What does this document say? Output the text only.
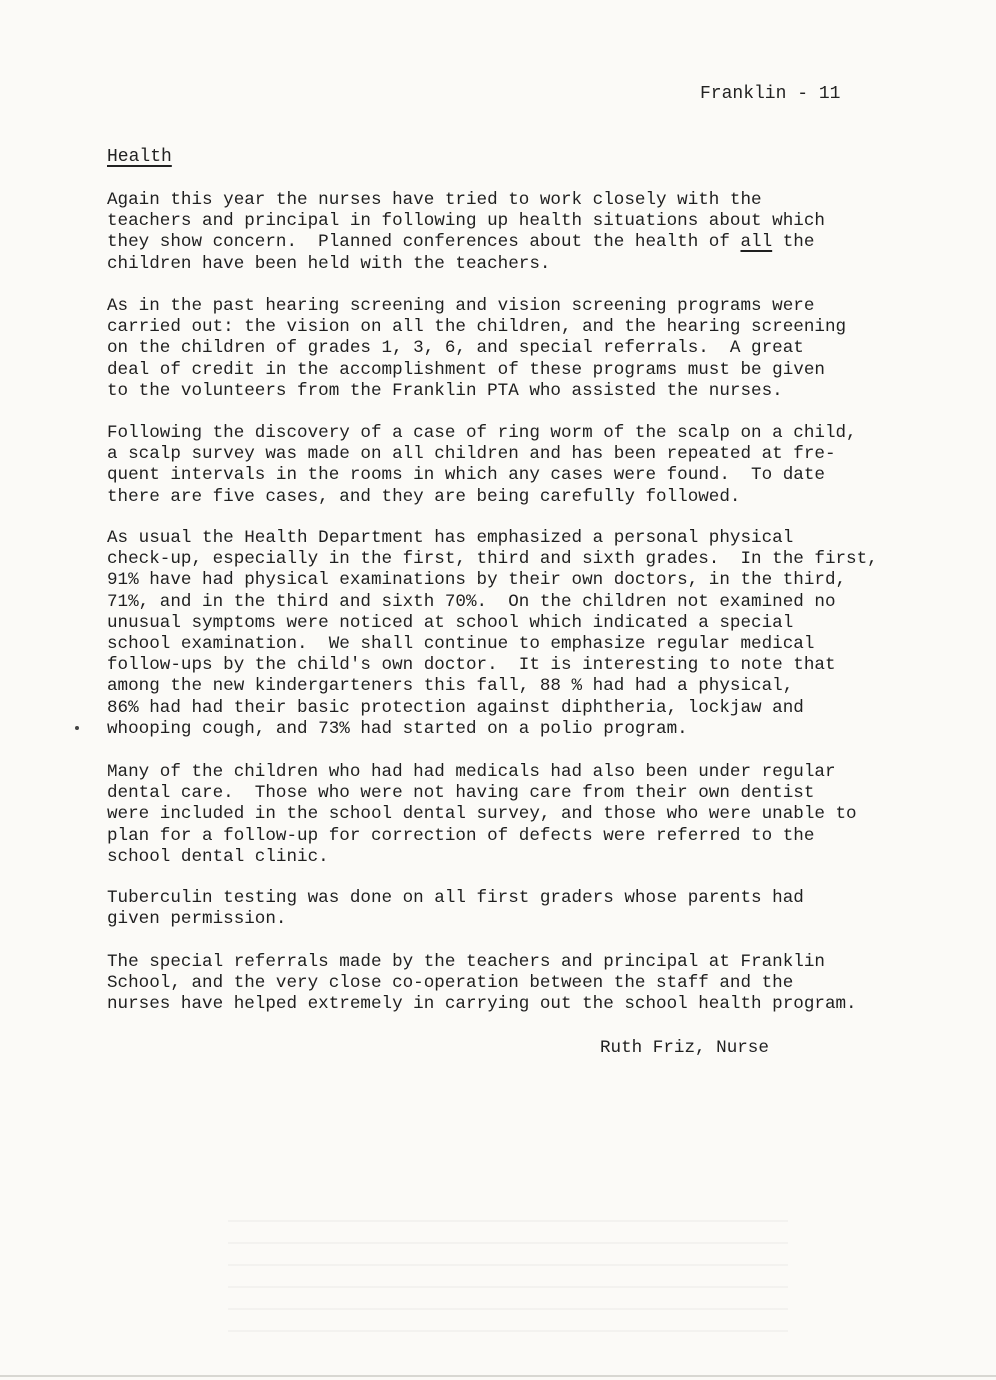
Franklin - 11
Health

Again this year the nurses have tried to work closely with the
teachers and principal in following up health situations about which
they show concern.  Planned conferences about the health of all the
children have been held with the teachers.

As in the past hearing screening and vision screening programs were
carried out: the vision on all the children, and the hearing screening
on the children of grades 1, 3, 6, and special referrals.  A great
deal of credit in the accomplishment of these programs must be given
to the volunteers from the Franklin PTA who assisted the nurses.

Following the discovery of a case of ring worm of the scalp on a child,
a scalp survey was made on all children and has been repeated at fre-
quent intervals in the rooms in which any cases were found.  To date
there are five cases, and they are being carefully followed.

As usual the Health Department has emphasized a personal physical
check-up, especially in the first, third and sixth grades.  In the first,
91% have had physical examinations by their own doctors, in the third,
71%, and in the third and sixth 70%.  On the children not examined no
unusual symptoms were noticed at school which indicated a special
school examination.  We shall continue to emphasize regular medical
follow-ups by the child's own doctor.  It is interesting to note that
among the new kindergarteners this fall, 88 % had had a physical,
86% had had their basic protection against diphtheria, lockjaw and
whooping cough, and 73% had started on a polio program.

Many of the children who had had medicals had also been under regular
dental care.  Those who were not having care from their own dentist
were included in the school dental survey, and those who were unable to
plan for a follow-up for correction of defects were referred to the
school dental clinic.

Tuberculin testing was done on all first graders whose parents had
given permission.

The special referrals made by the teachers and principal at Franklin
School, and the very close co-operation between the staff and the
nurses have helped extremely in carrying out the school health program.

Ruth Friz, Nurse
